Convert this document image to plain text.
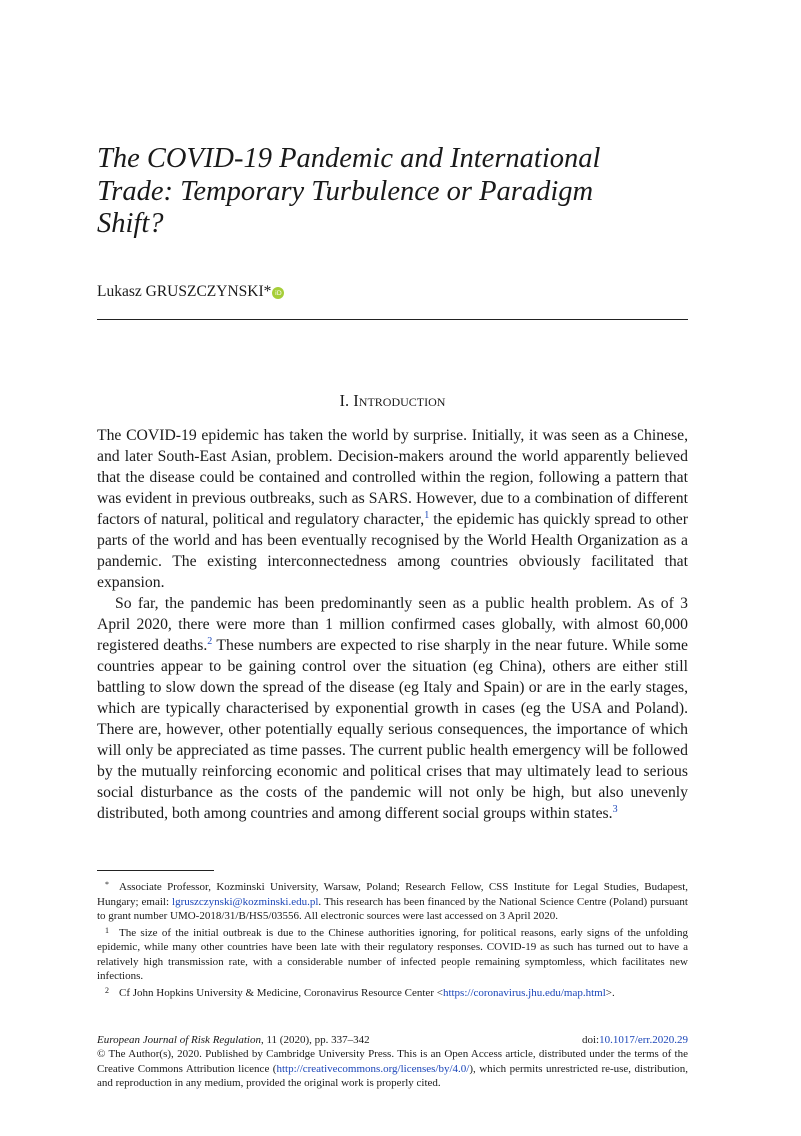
The COVID-19 Pandemic and International Trade: Temporary Turbulence or Paradigm Shift?
Lukasz GRUSZCZYNSKI* iD
I. Introduction

The COVID-19 epidemic has taken the world by surprise. Initially, it was seen as a Chinese, and later South-East Asian, problem. Decision-makers around the world apparently believed that the disease could be contained and controlled within the region, following a pattern that was evident in previous outbreaks, such as SARS. However, due to a combination of different factors of natural, political and regulatory character,$^1$ the epidemic has quickly spread to other parts of the world and has been eventually recognised by the World Health Organization as a pandemic. The existing interconnectedness among countries obviously facilitated that expansion.

So far, the pandemic has been predominantly seen as a public health problem. As of 3 April 2020, there were more than 1 million confirmed cases globally, with almost 60,000 registered deaths.$^2$ These numbers are expected to rise sharply in the near future. While some countries appear to be gaining control over the situation (eg China), others are either still battling to slow down the spread of the disease (eg Italy and Spain) or are in the early stages, which are typically characterised by exponential growth in cases (eg the USA and Poland). There are, however, other potentially equally serious consequences, the importance of which will only be appreciated as time passes. The current public health emergency will be followed by the mutually reinforcing economic and political crises that may ultimately lead to serious social disturbance as the costs of the pandemic will not only be high, but also unevenly distributed, both among countries and among different social groups within states.$^3$

* Associate Professor, Kozminski University, Warsaw, Poland; Research Fellow, CSS Institute for Legal Studies, Budapest, Hungary; email: lgruszczynski@kozminski.edu.pl. This research has been financed by the National Science Centre (Poland) pursuant to grant number UMO-2018/31/B/HS5/03556. All electronic sources were last accessed on 3 April 2020.

$^1$ The size of the initial outbreak is due to the Chinese authorities ignoring, for political reasons, early signs of the unfolding epidemic, while many other countries have been late with their regulatory responses. COVID-19 as such has turned out to have a relatively high transmission rate, with a considerable number of infected people remaining symptomless, which facilitates new infections.

$^2$ Cf John Hopkins University & Medicine, Coronavirus Resource Center <https://coronavirus.jhu.edu/map.html>.

European Journal of Risk Regulation, 11 (2020), pp. 337–342	doi:10.1017/err.2020.29
© The Author(s), 2020. Published by Cambridge University Press. This is an Open Access article, distributed under the terms of the Creative Commons Attribution licence (http://creativecommons.org/licenses/by/4.0/), which permits unrestricted re-use, distribution, and reproduction in any medium, provided the original work is properly cited.
